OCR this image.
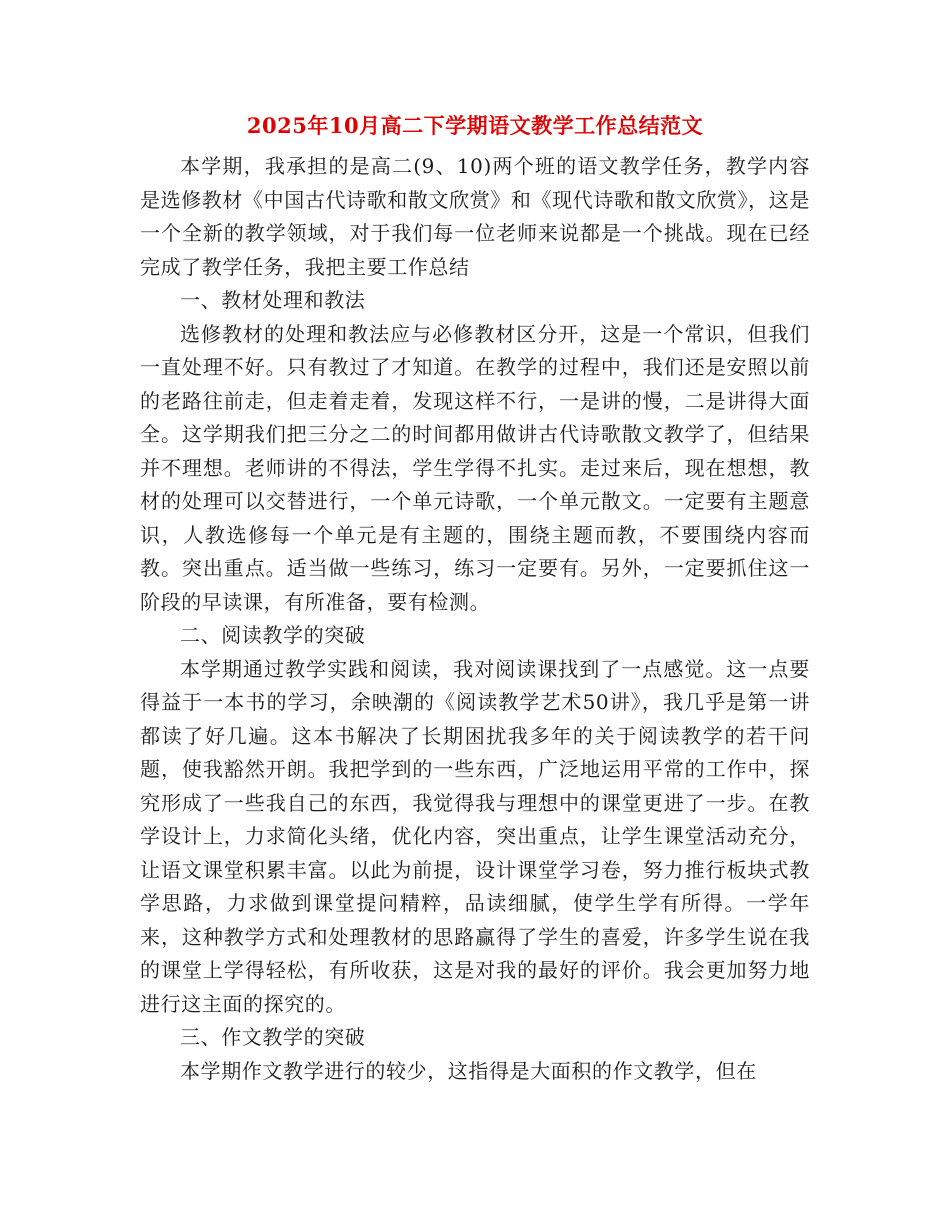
2025年10月高二下学期语文教学工作总结范文

本学期，我承担的是高二(9、10)两个班的语文教学任务，教学内容是选修教材《中国古代诗歌和散文欣赏》和《现代诗歌和散文欣赏》，这是一个全新的教学领域，对于我们每一位老师来说都是一个挑战。现在已经完成了教学任务，我把主要工作总结

一、教材处理和教法

选修教材的处理和教法应与必修教材区分开，这是一个常识，但我们一直处理不好。只有教过了才知道。在教学的过程中，我们还是安照以前的老路往前走，但走着走着，发现这样不行，一是讲的慢，二是讲得大面全。这学期我们把三分之二的时间都用做讲古代诗歌散文教学了，但结果并不理想。老师讲的不得法，学生学得不扎实。走过来后，现在想想，教材的处理可以交替进行，一个单元诗歌，一个单元散文。一定要有主题意识，人教选修每一个单元是有主题的，围绕主题而教，不要围绕内容而教。突出重点。适当做一些练习，练习一定要有。另外，一定要抓住这一阶段的早读课，有所准备，要有检测。

二、阅读教学的突破

本学期通过教学实践和阅读，我对阅读课找到了一点感觉。这一点要得益于一本书的学习，余映潮的《阅读教学艺术50讲》，我几乎是第一讲都读了好几遍。这本书解决了长期困扰我多年的关于阅读教学的若干问题，使我豁然开朗。我把学到的一些东西，广泛地运用平常的工作中，探究形成了一些我自己的东西，我觉得我与理想中的课堂更进了一步。在教学设计上，力求简化头绪，优化内容，突出重点，让学生课堂活动充分，让语文课堂积累丰富。以此为前提，设计课堂学习卷，努力推行板块式教学思路，力求做到课堂提问精粹，品读细腻，使学生学有所得。一学年来，这种教学方式和处理教材的思路赢得了学生的喜爱，许多学生说在我的课堂上学得轻松，有所收获，这是对我的最好的评价。我会更加努力地进行这主面的探究的。

三、作文教学的突破

本学期作文教学进行的较少，这指得是大面积的作文教学，但在
